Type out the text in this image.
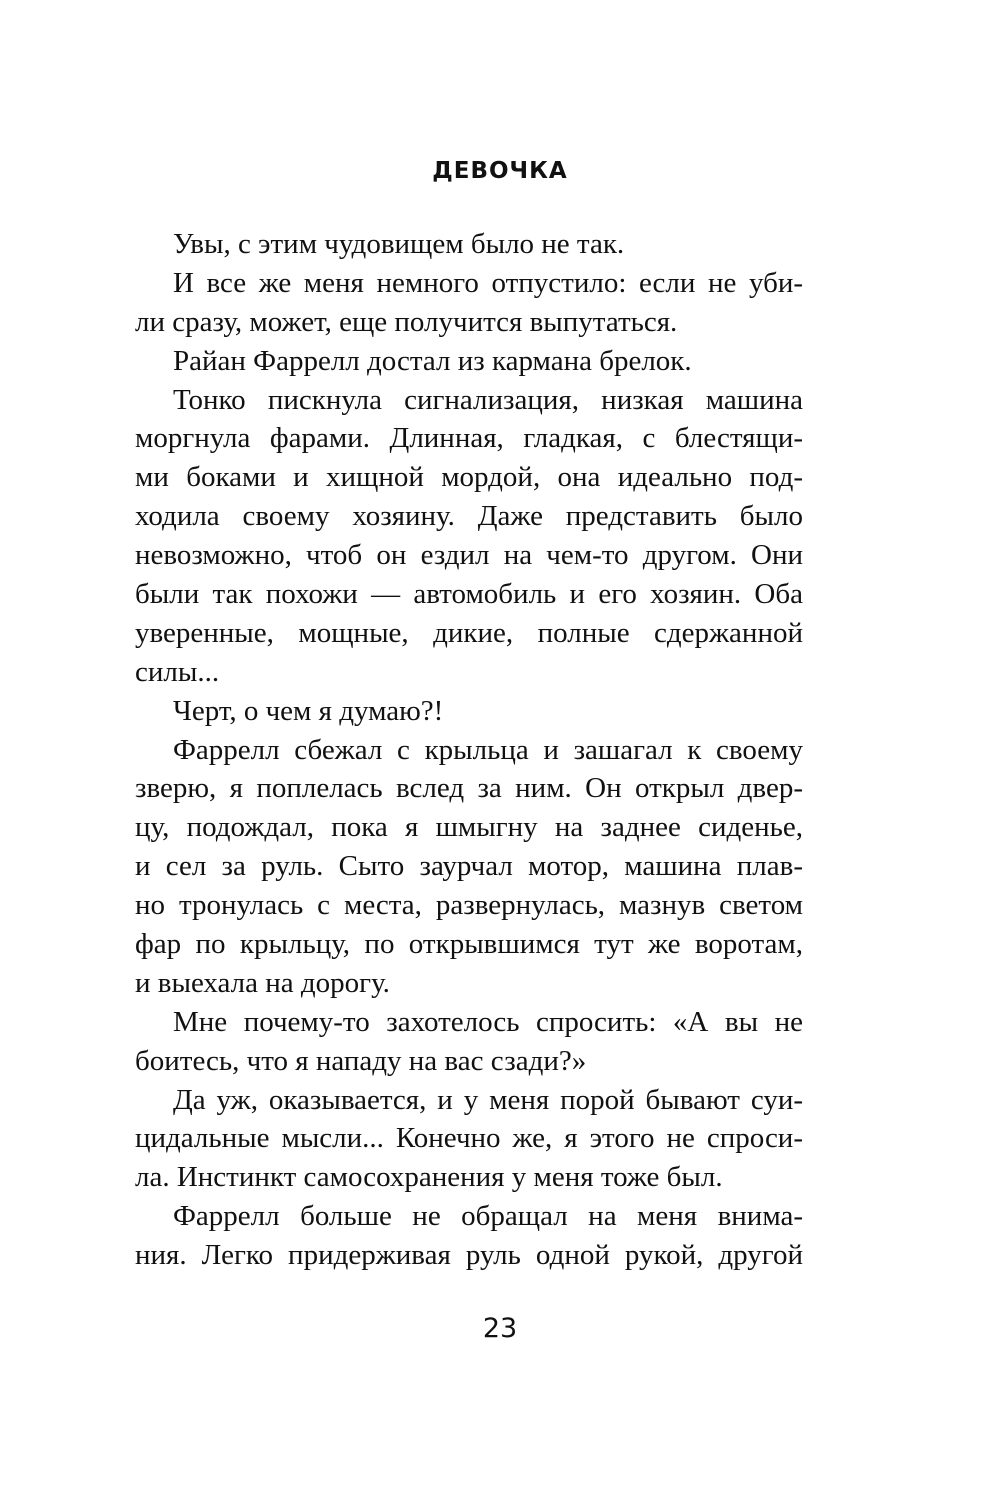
ДЕВОЧКА
Увы, с этим чудовищем было не так.
И все же меня немного отпустило: если не уби-
ли сразу, может, еще получится выпутаться.
Райан Фаррелл достал из кармана брелок.
Тонко пискнула сигнализация, низкая машина
моргнула фарами. Длинная, гладкая, с блестящи-
ми боками и хищной мордой, она идеально под-
ходила своему хозяину. Даже представить было
невозможно, чтоб он ездил на чем-то другом. Они
были так похожи — автомобиль и его хозяин. Оба
уверенные, мощные, дикие, полные сдержанной
силы...
Черт, о чем я думаю?!
Фаррелл сбежал с крыльца и зашагал к своему
зверю, я поплелась вслед за ним. Он открыл двер-
цу, подождал, пока я шмыгну на заднее сиденье,
и сел за руль. Сыто заурчал мотор, машина плав-
но тронулась с места, развернулась, мазнув светом
фар по крыльцу, по открывшимся тут же воротам,
и выехала на дорогу.
Мне почему-то захотелось спросить: «А вы не
боитесь, что я нападу на вас сзади?»
Да уж, оказывается, и у меня порой бывают суи-
цидальные мысли... Конечно же, я этого не спроси-
ла. Инстинкт самосохранения у меня тоже был.
Фаррелл больше не обращал на меня внима-
ния. Легко придерживая руль одной рукой, другой
23
